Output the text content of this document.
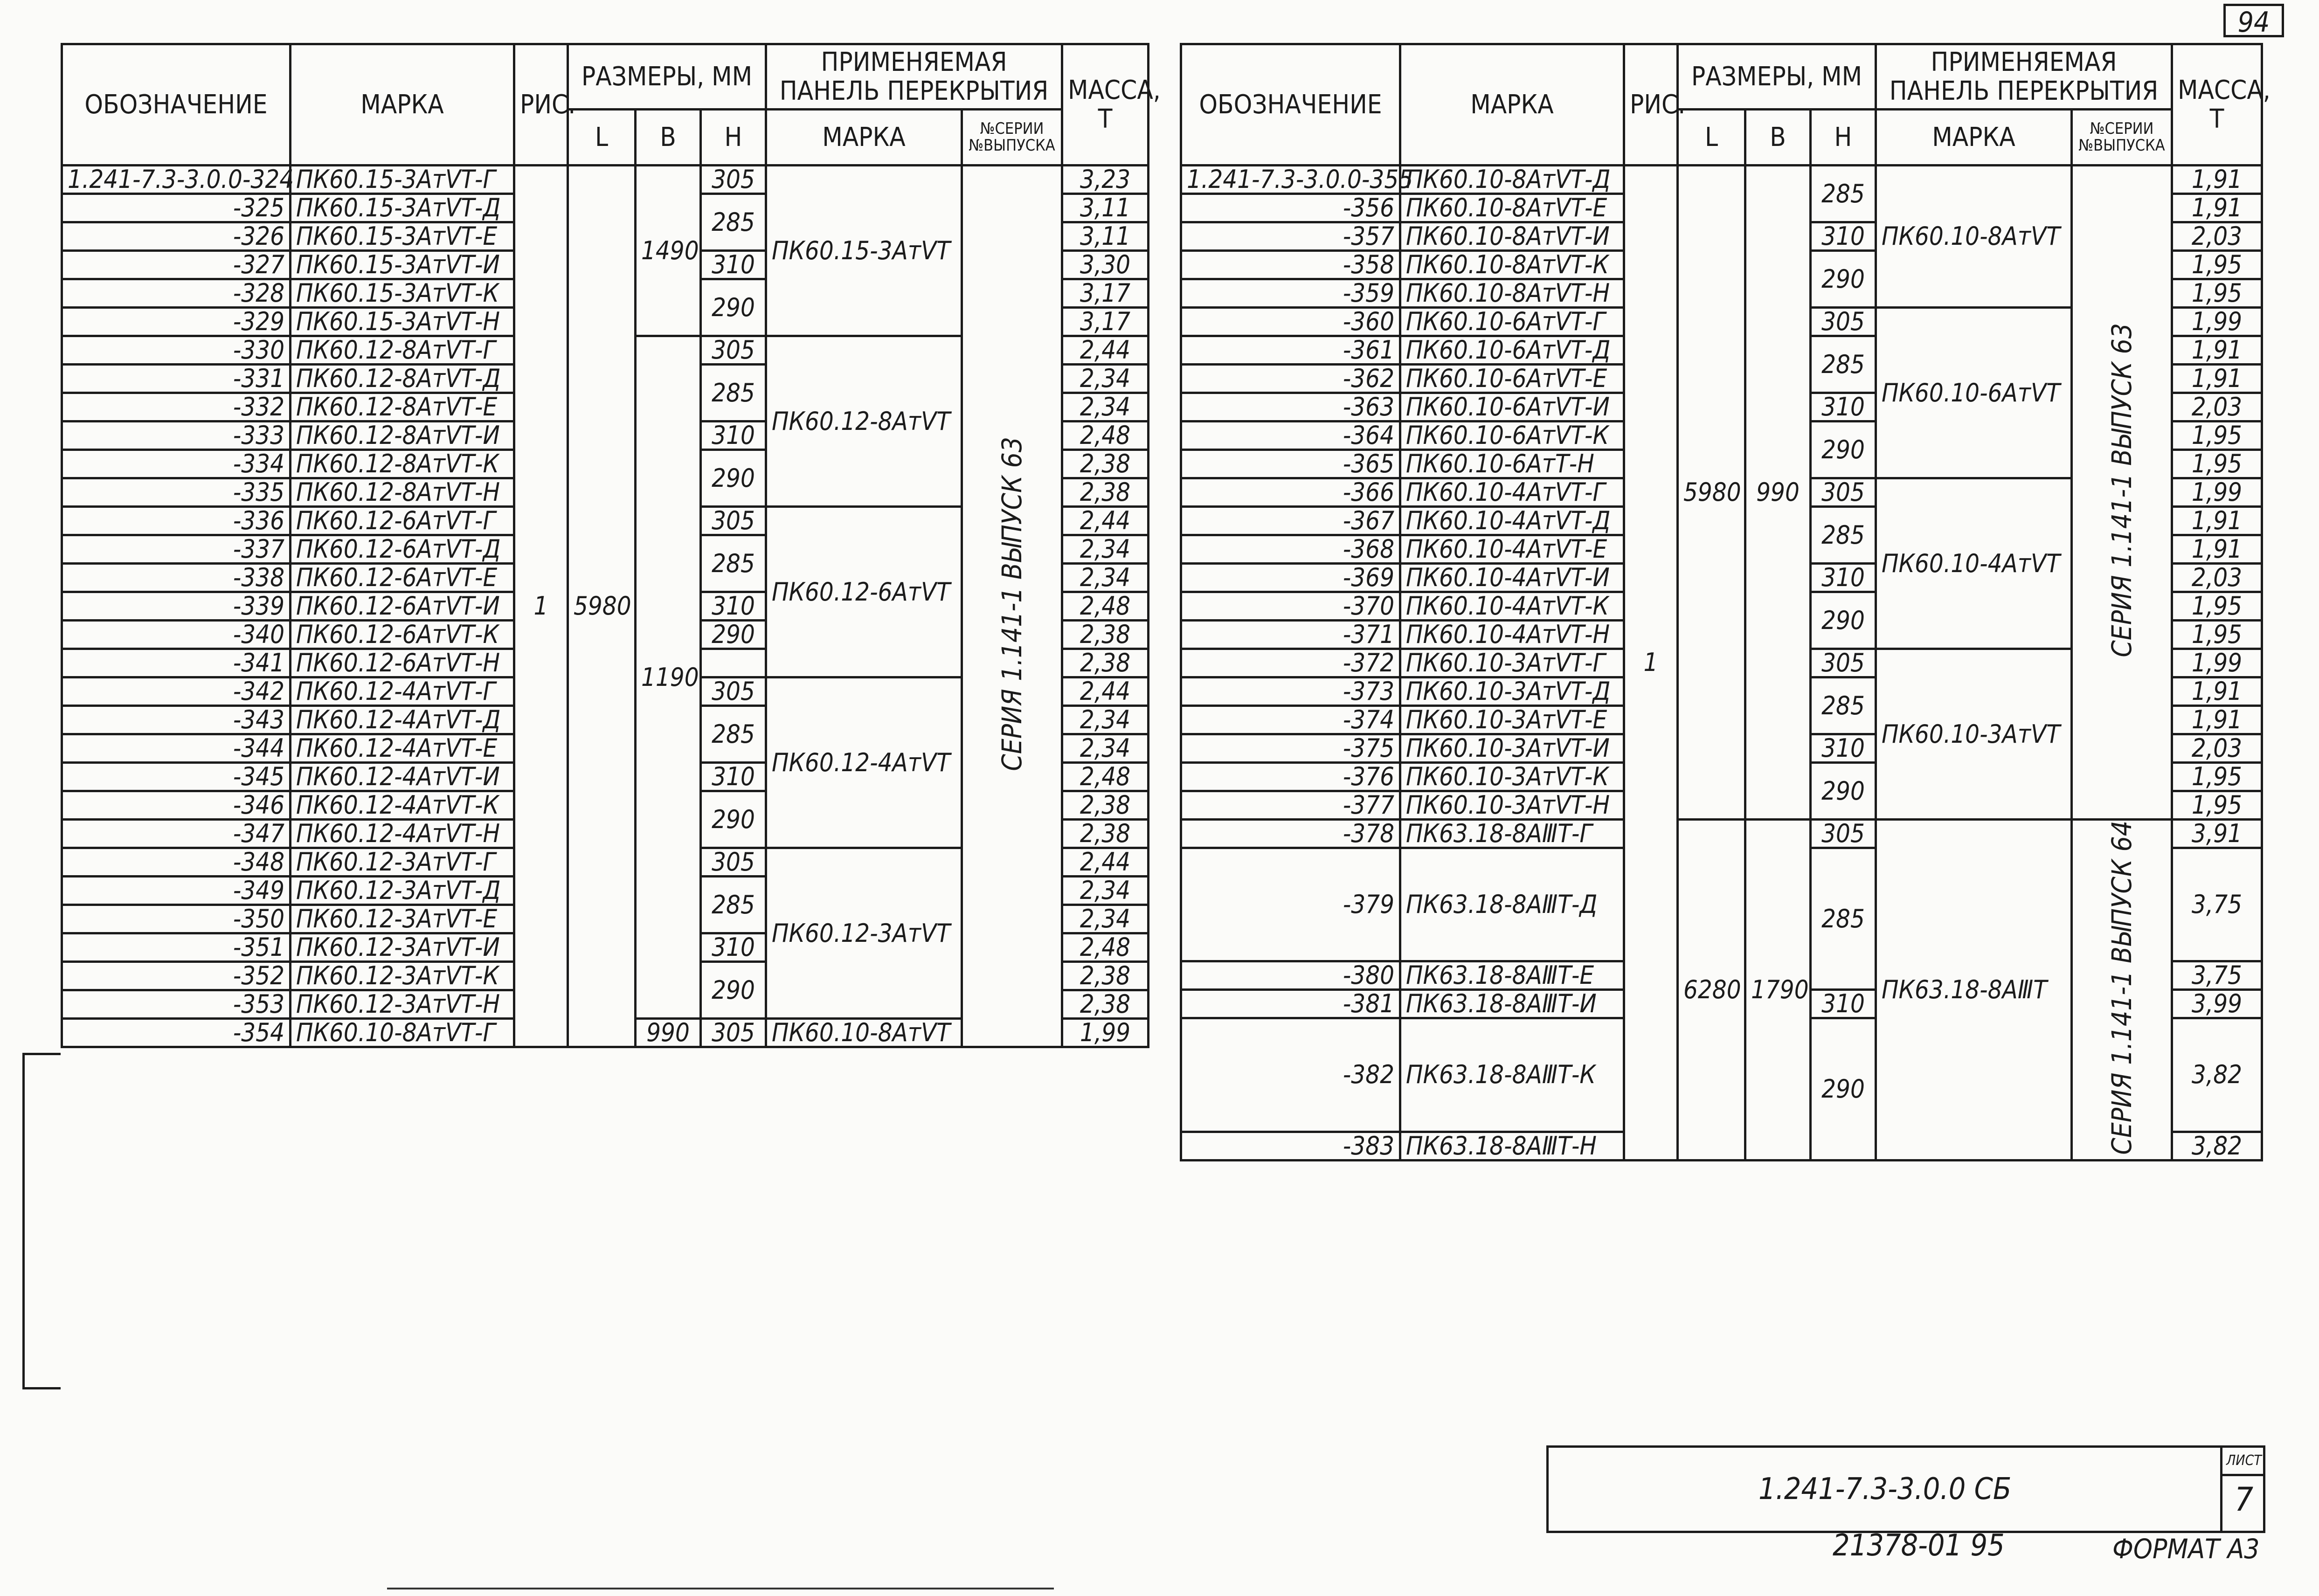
94
ОБОЗНАЧЕНИЕ	МАРКА	РИС.	РАЗМЕРЫ, ММ			ПРИМЕНЯЕМАЯ ПАНЕЛЬ ПЕРЕКРЫТИЯ		МАССА, Т
			L	В	Н	МАРКА	№СЕРИИ №ВЫПУСКА	
1.241-7.3-3.0.0-324	ПК60.15-3АтⅤТ-Г	1	5980	1490	305	ПК60.15-3АтⅤТ	СЕРИЯ 1.141-1 ВЫПУСК 63	3,23
-325	ПК60.15-3АтⅤТ-Д				285			3,11
-326	ПК60.15-3АтⅤТ-Е							3,11
-327	ПК60.15-3АтⅤТ-И				310			3,30
-328	ПК60.15-3АтⅤТ-К				290			3,17
-329	ПК60.15-3АтⅤТ-Н							3,17
-330	ПК60.12-8АтⅤТ-Г			1190	305	ПК60.12-8АтⅤТ		2,44
-331	ПК60.12-8АтⅤТ-Д				285			2,34
-332	ПК60.12-8АтⅤТ-Е							2,34
-333	ПК60.12-8АтⅤТ-И				310			2,48
-334	ПК60.12-8АтⅤТ-К				290			2,38
-335	ПК60.12-8АтⅤТ-Н							2,38
-336	ПК60.12-6АтⅤТ-Г				305	ПК60.12-6АтⅤТ		2,44
-337	ПК60.12-6АтⅤТ-Д				285			2,34
-338	ПК60.12-6АтⅤТ-Е							2,34
-339	ПК60.12-6АтⅤТ-И				310			2,48
-340	ПК60.12-6АтⅤТ-К				290			2,38
-341	ПК60.12-6АтⅤТ-Н							2,38
-342	ПК60.12-4АтⅤТ-Г				305	ПК60.12-4АтⅤТ		2,44
-343	ПК60.12-4АтⅤТ-Д				285			2,34
-344	ПК60.12-4АтⅤТ-Е							2,34
-345	ПК60.12-4АтⅤТ-И				310			2,48
-346	ПК60.12-4АтⅤТ-К				290			2,38
-347	ПК60.12-4АтⅤТ-Н							2,38
-348	ПК60.12-3АтⅤТ-Г				305	ПК60.12-3АтⅤТ		2,44
-349	ПК60.12-3АтⅤТ-Д				285			2,34
-350	ПК60.12-3АтⅤТ-Е							2,34
-351	ПК60.12-3АтⅤТ-И				310			2,48
-352	ПК60.12-3АтⅤТ-К				290			2,38
-353	ПК60.12-3АтⅤТ-Н							2,38
-354	ПК60.10-8АтⅤТ-Г			990	305	ПК60.10-8АтⅤТ		1,99
ОБОЗНАЧЕНИЕ	МАРКА	РИС.	РАЗМЕРЫ, ММ			ПРИМЕНЯЕМАЯ ПАНЕЛЬ ПЕРЕКРЫТИЯ		МАССА, Т
			L	В	Н	МАРКА	№СЕРИИ №ВЫПУСКА	
1.241-7.3-3.0.0-355	ПК60.10-8АтⅤТ-Д	1	5980	990	285	ПК60.10-8АтⅤТ	СЕРИЯ 1.141-1 ВЫПУСК 63	1,91
-356	ПК60.10-8АтⅤТ-Е							1,91
-357	ПК60.10-8АтⅤТ-И				310			2,03
-358	ПК60.10-8АтⅤТ-К				290			1,95
-359	ПК60.10-8АтⅤТ-Н							1,95
-360	ПК60.10-6АтⅤТ-Г				305	ПК60.10-6АтⅤТ		1,99
-361	ПК60.10-6АтⅤТ-Д				285			1,91
-362	ПК60.10-6АтⅤТ-Е							1,91
-363	ПК60.10-6АтⅤТ-И				310			2,03
-364	ПК60.10-6АтⅤТ-К				290			1,95
-365	ПК60.10-6АтТ-Н							1,95
-366	ПК60.10-4АтⅤТ-Г				305	ПК60.10-4АтⅤТ		1,99
-367	ПК60.10-4АтⅤТ-Д				285			1,91
-368	ПК60.10-4АтⅤТ-Е							1,91
-369	ПК60.10-4АтⅤТ-И				310			2,03
-370	ПК60.10-4АтⅤТ-К				290			1,95
-371	ПК60.10-4АтⅤТ-Н							1,95
-372	ПК60.10-3АтⅤТ-Г				305	ПК60.10-3АтⅤТ		1,99
-373	ПК60.10-3АтⅤТ-Д				285			1,91
-374	ПК60.10-3АтⅤТ-Е							1,91
-375	ПК60.10-3АтⅤТ-И				310			2,03
-376	ПК60.10-3АтⅤТ-К				290			1,95
-377	ПК60.10-3АтⅤТ-Н							1,95
-378	ПК63.18-8АⅢТ-Г		6280	1790	305	ПК63.18-8АⅢТ	СЕРИЯ 1.141-1 ВЫПУСК 64	3,91
-379	ПК63.18-8АⅢТ-Д				285			3,75
-380	ПК63.18-8АⅢТ-Е							3,75
-381	ПК63.18-8АⅢТ-И				310			3,99
-382	ПК63.18-8АⅢТ-К				290			3,82
-383	ПК63.18-8АⅢТ-Н							3,82
1.241-7.3-3.0.0 СБ
ЛИСТ
7
21378-01 95	ФОРМАТ А3
